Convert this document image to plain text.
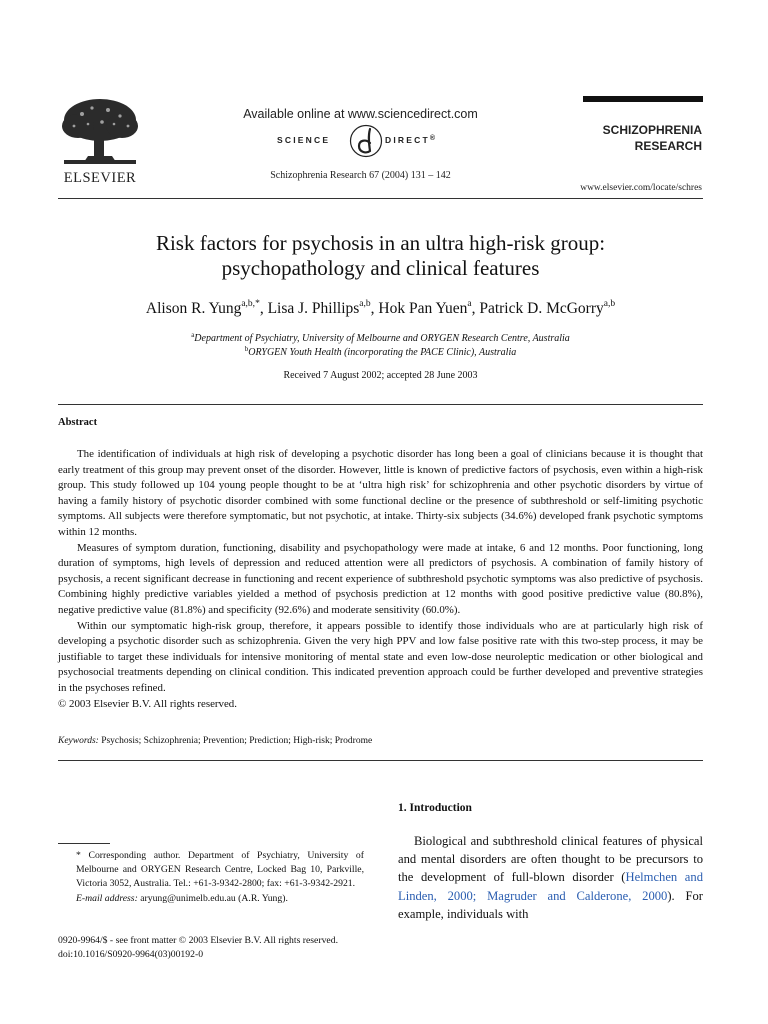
ELSEVIER
Available online at www.sciencedirect.com
SCIENCE	DIRECT®
Schizophrenia Research 67 (2004) 131 – 142
SCHIZOPHRENIA
RESEARCH
www.elsevier.com/locate/schres
Risk factors for psychosis in an ultra high-risk group:
psychopathology and clinical features
Alison R. Yung$^{a,b,*}$, Lisa J. Phillips$^{a,b}$, Hok Pan Yuen$^a$, Patrick D. McGorry$^{a,b}$
$^a$Department of Psychiatry, University of Melbourne and ORYGEN Research Centre, Australia
$^b$ORYGEN Youth Health (incorporating the PACE Clinic), Australia
Received 7 August 2002; accepted 28 June 2003
Abstract

The identification of individuals at high risk of developing a psychotic disorder has long been a goal of clinicians because it is thought that early treatment of this group may prevent onset of the disorder. However, little is known of predictive factors of psychosis, even within a high-risk group. This study followed up 104 young people thought to be at ‘ultra high risk’ for schizophrenia and other psychotic disorders by virtue of having a family history of psychotic disorder combined with some functional decline or the presence of subthreshold or self-limiting psychotic symptoms. All subjects were therefore symptomatic, but not psychotic, at intake. Thirty-six subjects (34.6%) developed frank psychotic symptoms within 12 months.

Measures of symptom duration, functioning, disability and psychopathology were made at intake, 6 and 12 months. Poor functioning, long duration of symptoms, high levels of depression and reduced attention were all predictors of psychosis. A combination of family history of psychosis, a recent significant decrease in functioning and recent experience of subthreshold psychotic symptoms was also predictive of psychosis. Combining highly predictive variables yielded a method of psychosis prediction at 12 months with good positive predictive value (80.8%), negative predictive value (81.8%) and specificity (92.6%) and moderate sensitivity (60.0%).

Within our symptomatic high-risk group, therefore, it appears possible to identify those individuals who are at particularly high risk of developing a psychotic disorder such as schizophrenia. Given the very high PPV and low false positive rate with this two-step process, it may be justifiable to target these individuals for intensive monitoring of mental state and even low-dose neuroleptic medication or other biological and psychosocial treatments depending on clinical condition. This indicated prevention approach could be further developed and preventive strategies in the psychoses refined.

© 2003 Elsevier B.V. All rights reserved.

Keywords: Psychosis; Schizophrenia; Prevention; Prediction; High-risk; Prodrome
1. Introduction

Biological and subthreshold clinical features of physical and mental disorders are often thought to be precursors to the development of full-blown disorder (Helmchen and Linden, 2000; Magruder and Calderone, 2000). For example, individuals with

* Corresponding author. Department of Psychiatry, University of Melbourne and ORYGEN Research Centre, Locked Bag 10, Parkville, Victoria 3052, Australia. Tel.: +61-3-9342-2800; fax: +61-3-9342-2921.

E-mail address: aryung@unimelb.edu.au (A.R. Yung).

0920-9964/$ - see front matter © 2003 Elsevier B.V. All rights reserved.
doi:10.1016/S0920-9964(03)00192-0
